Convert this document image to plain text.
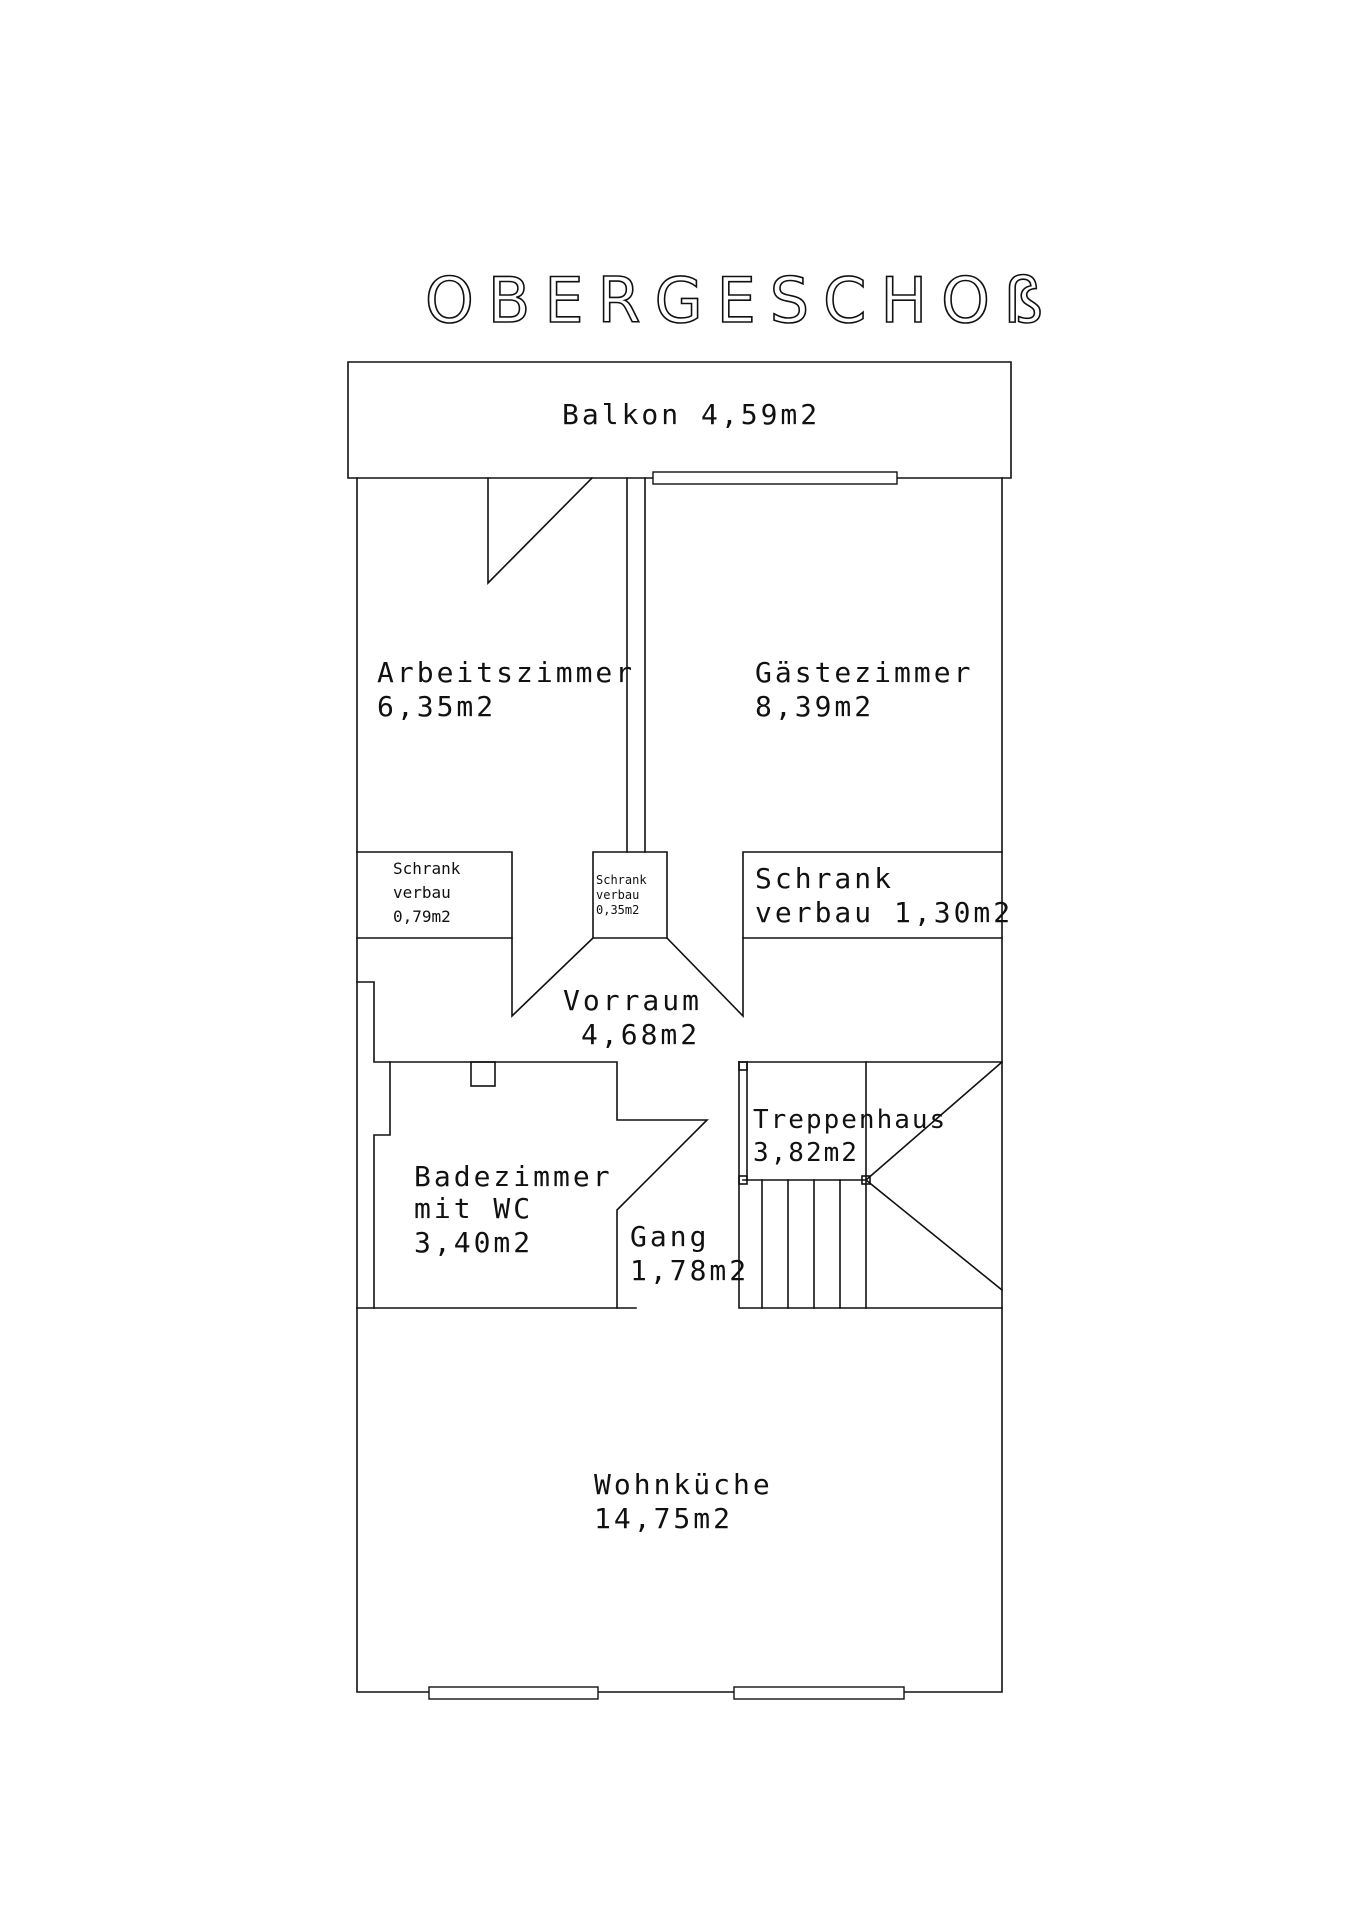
OBERGESCHOß
Balkon 4,59m2
Arbeitszimmer
6,35m2
Gästezimmer
8,39m2
Schrank
verbau
0,79m2
Schrank
verbau
0,35m2
Schrank
verbau 1,30m2
Vorraum
4,68m2
Treppenhaus
3,82m2
Badezimmer
mit WC
3,40m2	Gang
1,78m2
Wohnküche
14,75m2
